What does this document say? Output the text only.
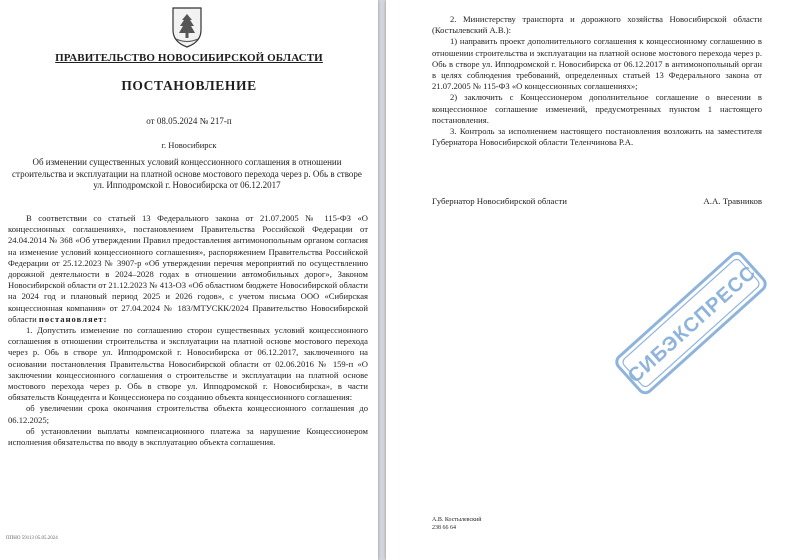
ПРАВИТЕЛЬСТВО НОВОСИБИРСКОЙ ОБЛАСТИ
ПОСТАНОВЛЕНИЕ
от 08.05.2024 № 217-п
г. Новосибирск
Об изменении существенных условий концессионного соглашения в отношении строительства и эксплуатации на платной основе мостового перехода через р. Обь в створе ул. Ипподромской г. Новосибирска от 06.12.2017

В соответствии со статьей 13 Федерального закона от 21.07.2005 № 115-ФЗ «О концессионных соглашениях», постановлением Правительства Российской Федерации от 24.04.2014 № 368 «Об утверждении Правил предоставления антимонопольным органом согласия на изменение условий концессионного соглашения», распоряжением Правительства Российской Федерации от 25.12.2023 № 3907-р «Об утверждении перечня мероприятий по осуществлению дорожной деятельности в 2024–2028 годах в отношении автомобильных дорог», Законом Новосибирской области от 21.12.2023 № 413-ОЗ «Об областном бюджете Новосибирской области на 2024 год и плановый период 2025 и 2026 годов», с учетом письма ООО «Сибирская концессионная компания» от 27.04.2024 № 183/МТУСКК/2024 Правительство Новосибирской области постановляет:

1. Допустить изменение по соглашению сторон существенных условий концессионного соглашения в отношении строительства и эксплуатации на платной основе мостового перехода через р. Обь в створе ул. Ипподромской г. Новосибирска от 06.12.2017, заключенного на основании постановления Правительства Новосибирской области от 02.06.2016 № 159-п «О заключении концессионного соглашения о строительстве и эксплуатации на платной основе мостового перехода через р. Обь в створе ул. Ипподромской г. Новосибирска», в части обязательств Концедента и Концессионера по созданию объекта концессионного соглашения:

об увеличении срока окончания строительства объекта концессионного соглашения до 06.12.2025;

об установлении выплаты компенсационного платежа за нарушение Концессионером исполнения обязательства по вводу в эксплуатацию объекта соглашения.

ППНО 59113 05.05.2024

2. Министерству транспорта и дорожного хозяйства Новосибирской области (Костылевский А.В.):

1) направить проект дополнительного соглашения к концессионному соглашению в отношении строительства и эксплуатации на платной основе мостового перехода через р. Обь в створе ул. Ипподромской г. Новосибирска от 06.12.2017 в антимонопольный орган в целях соблюдения требований, определенных статьей 13 Федерального закона от 21.07.2005 № 115-ФЗ «О концессионных соглашениях»;

2) заключить с Концессионером дополнительное соглашение о внесении в концессионное соглашение изменений, предусмотренных пунктом 1 настоящего постановления.

3. Контроль за исполнением настоящего постановления возложить на заместителя Губернатора Новосибирской области Теленчинова Р.А.

Губернатор Новосибирской области	А.А. Травников
СИБЭКСПРЕСС
А.В. Костылевский
238 66 64
